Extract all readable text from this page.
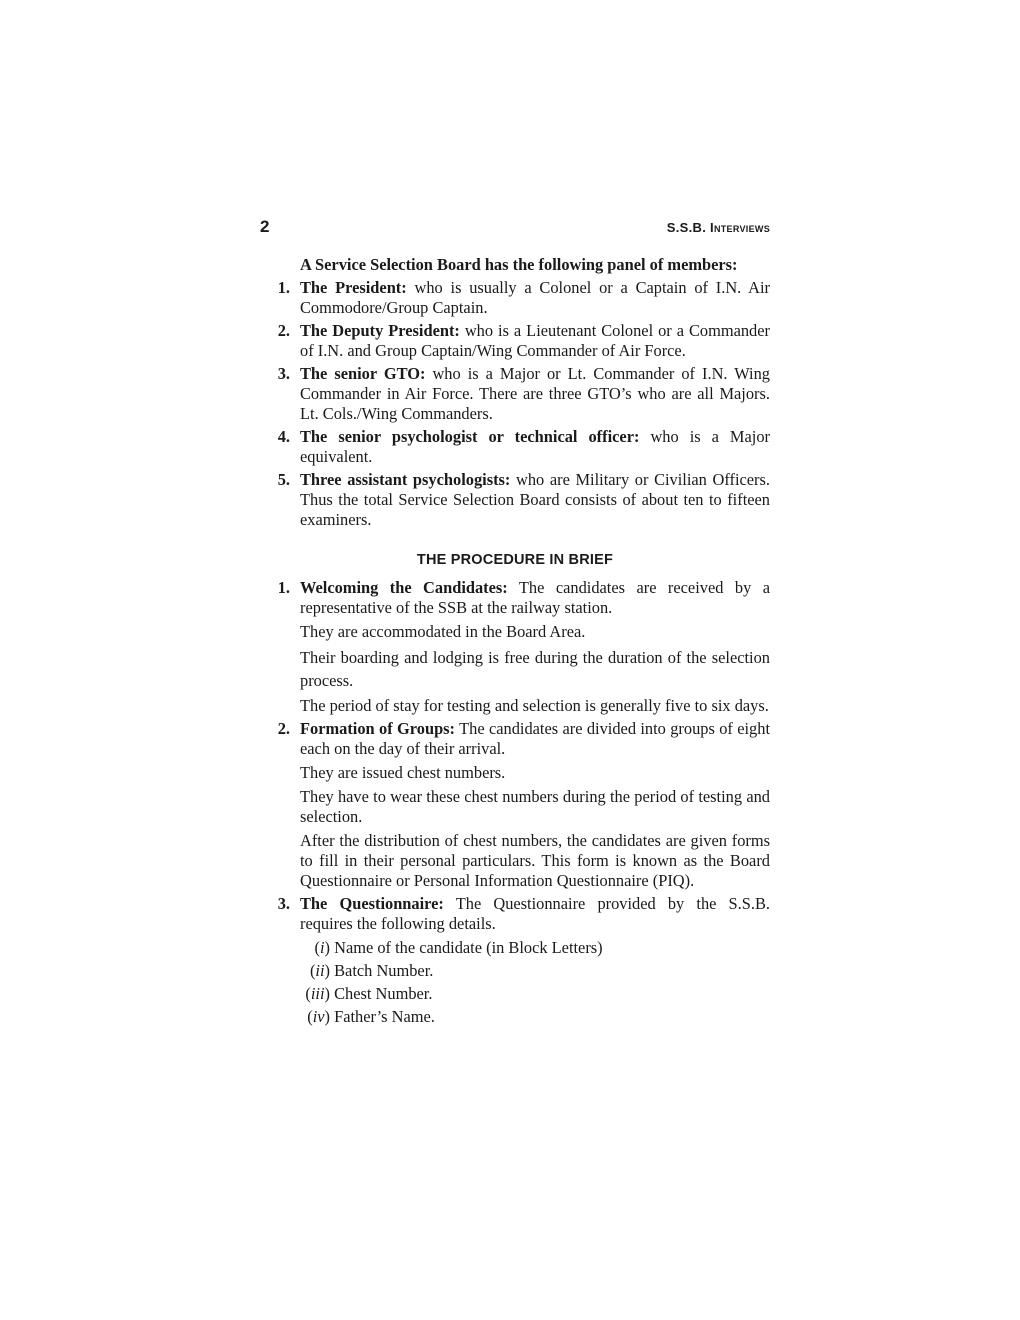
2	S.S.B. Interviews

A Service Selection Board has the following panel of members:

1. The President: who is usually a Colonel or a Captain of I.N. Air Commodore/Group Captain.

2. The Deputy President: who is a Lieutenant Colonel or a Commander of I.N. and Group Captain/Wing Commander of Air Force.

3. The senior GTO: who is a Major or Lt. Commander of I.N. Wing Commander in Air Force. There are three GTO’s who are all Majors. Lt. Cols./Wing Commanders.

4. The senior psychologist or technical officer: who is a Major equivalent.

5. Three assistant psychologists: who are Military or Civilian Officers. Thus the total Service Selection Board consists of about ten to fifteen examiners.

THE PROCEDURE IN BRIEF
1. Welcoming the Candidates: The candidates are received by a representative of the SSB at the railway station.

They are accommodated in the Board Area.

Their boarding and lodging is free during the duration of the selection process.

The period of stay for testing and selection is generally five to six days.

2. Formation of Groups: The candidates are divided into groups of eight each on the day of their arrival.

They are issued chest numbers.

They have to wear these chest numbers during the period of testing and selection.

After the distribution of chest numbers, the candidates are given forms to fill in their personal particulars. This form is known as the Board Questionnaire or Personal Information Questionnaire (PIQ).

3. The Questionnaire: The Questionnaire provided by the S.S.B. requires the following details.

(i)
Name of the candidate (in Block Letters)
(ii)
Batch Number.
(iii)
Chest Number.
(iv)
Father’s Name.
